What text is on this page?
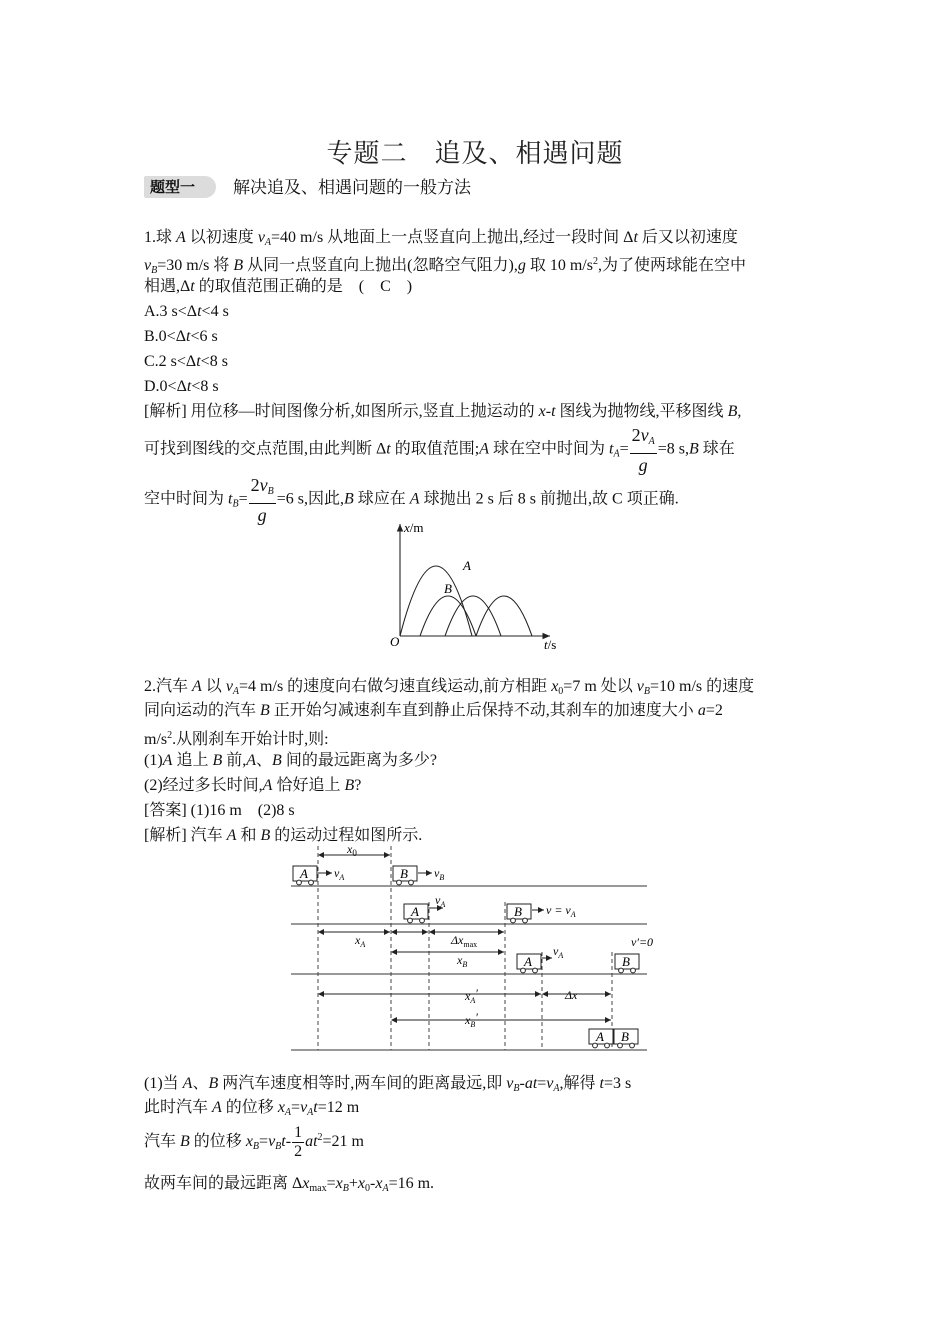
专题二　追及、相遇问题
题型一	解决追及、相遇问题的一般方法
1.球 A 以初速度 $v_A=40$ m/s 从地面上一点竖直向上抛出,经过一段时间 Δt 后又以初速度
$v_B=30$ m/s 将 B 从同一点竖直向上抛出(忽略空气阻力),g 取 10 $m/s^2$,为了使两球能在空中
相遇,Δt 的取值范围正确的是　(　C　)
A.3 s<Δt<4 s
B.0<Δt<6 s
C.2 s<Δt<8 s
D.0<Δt<8 s
[解析] 用位移—时间图像分析,如图所示,竖直上抛运动的 x-t 图线为抛物线,平移图线 B,
可找到图线的交点范围,由此判断 Δt 的取值范围;A 球在空中时间为 $t_A= \frac{2v_A}{g} =8$ s,B 球在
空中时间为 $t_B= \frac{2v_B}{g} =6$ s,因此,B 球应在 A 球抛出 2 s 后 8 s 前抛出,故 C 项正确.
x/m
t/s
O
A
B
2.汽车 A 以 $v_A=4$ m/s 的速度向右做匀速直线运动,前方相距 $x_0=7$ m 处以 $v_B=10$ m/s 的速度
同向运动的汽车 B 正开始匀减速刹车直到静止后保持不动,其刹车的加速度大小 a=2
$m/s^2$.从刚刹车开始计时,则:
(1)A 追上 B 前,A、B 间的最远距离为多少?
(2)经过多长时间,A 恰好追上 B?
[答案] (1)16 m　(2)8 s
[解析] 汽车 A 和 B 的运动过程如图所示.
$x_0$
A $v_A$	B $v_B$
A
$v_A$	B $v = v_A$
$x_A$	$\Delta x_{max}$
$x_B$	A
$v_A$
v′=0
B
$x_A'$	Δx
$x_B'$
A B
(1)当 A、B 两汽车速度相等时,两车间的距离最远,即 $v_B-at=v_A$,解得 t=3 s
此时汽车 A 的位移 $x_A=v_At=12$ m
汽车 B 的位移 $x_B=v_Bt- \frac{1}{2} at^2=21$ m
故两车间的最远距离 $\Delta x_{max}=x_B+x_0-x_A=16$ m.
